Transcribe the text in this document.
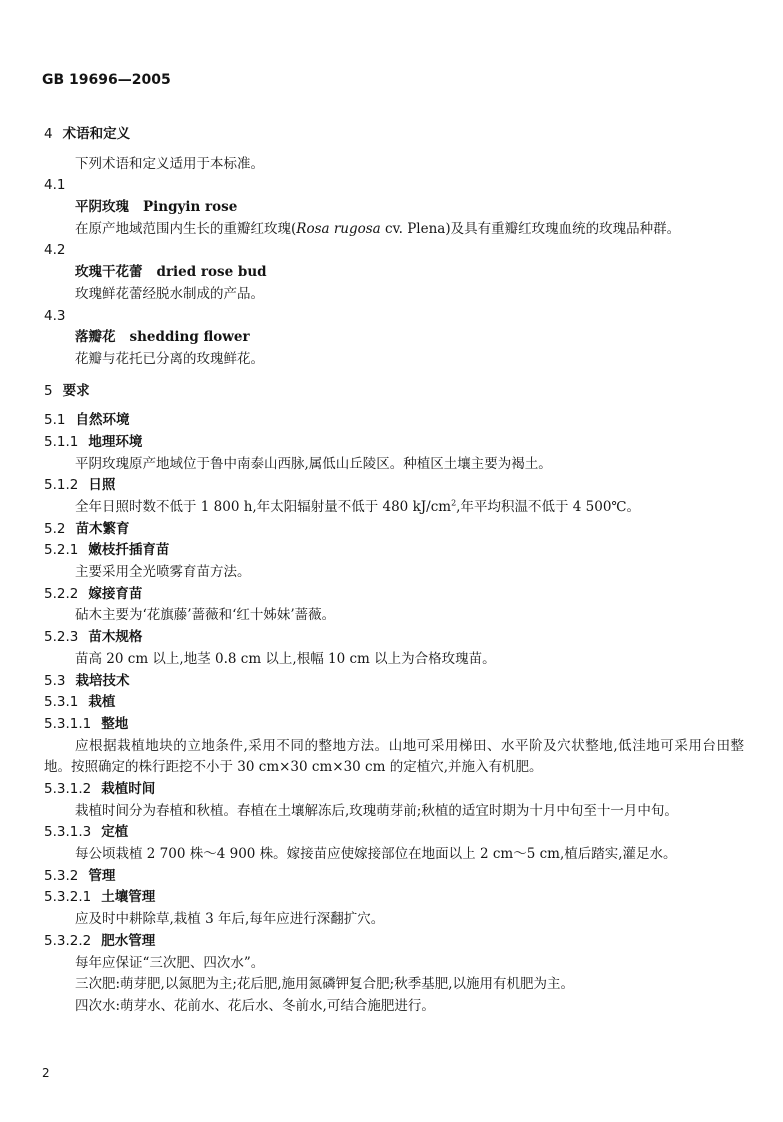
GB 19696—2005
4 术语和定义
下列术语和定义适用于本标准。
4.1
平阴玫瑰 Pingyin rose
在原产地域范围内生长的重瓣红玫瑰(Rosa rugosa cv. Plena)及具有重瓣红玫瑰血统的玫瑰品种群。
4.2
玫瑰干花蕾 dried rose bud
玫瑰鲜花蕾经脱水制成的产品。
4.3
落瓣花 shedding flower
花瓣与花托已分离的玫瑰鲜花。
5 要求
5.1 自然环境
5.1.1 地理环境
平阴玫瑰原产地域位于鲁中南泰山西脉,属低山丘陵区。种植区土壤主要为褐土。
5.1.2 日照
全年日照时数不低于 1 800 h,年太阳辐射量不低于 480 $kJ/cm^2$,年平均积温不低于 4 500℃。
5.2 苗木繁育
5.2.1 嫩枝扦插育苗
主要采用全光喷雾育苗方法。
5.2.2 嫁接育苗
砧木主要为‘花旗藤’蔷薇和‘红十姊妹’蔷薇。
5.2.3 苗木规格
苗高 20 cm 以上,地茎 0.8 cm 以上,根幅 10 cm 以上为合格玫瑰苗。
5.3 栽培技术
5.3.1 栽植
5.3.1.1 整地
应根据栽植地块的立地条件,采用不同的整地方法。山地可采用梯田、水平阶及穴状整地,低洼地可采用台田整地。按照确定的株行距挖不小于 30 cm×30 cm×30 cm 的定植穴,并施入有机肥。
5.3.1.2 栽植时间
栽植时间分为春植和秋植。春植在土壤解冻后,玫瑰萌芽前;秋植的适宜时期为十月中旬至十一月中旬。
5.3.1.3 定植
每公顷栽植 2 700 株～4 900 株。嫁接苗应使嫁接部位在地面以上 2 cm～5 cm,植后踏实,灌足水。
5.3.2 管理
5.3.2.1 土壤管理
应及时中耕除草,栽植 3 年后,每年应进行深翻扩穴。
5.3.2.2 肥水管理
每年应保证“三次肥、四次水”。
三次肥:萌芽肥,以氮肥为主;花后肥,施用氮磷钾复合肥;秋季基肥,以施用有机肥为主。
四次水:萌芽水、花前水、花后水、冬前水,可结合施肥进行。
2
